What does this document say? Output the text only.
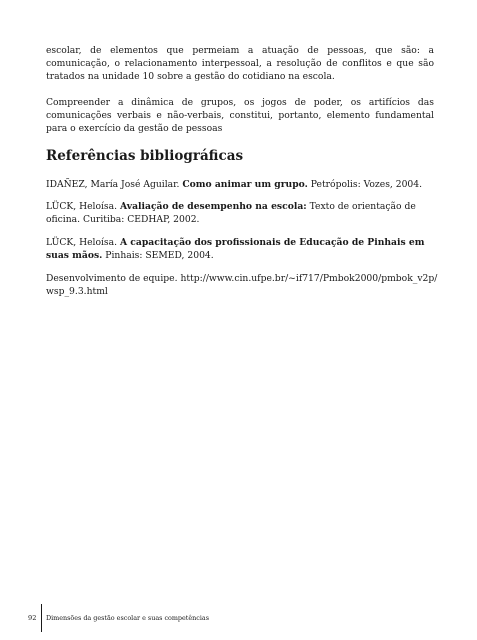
escolar, de elementos que permeiam a atuação de pessoas, que são: a comunicação, o relacionamento interpessoal, a resolução de conflitos e que são tratados na unidade 10 sobre a gestão do cotidiano na escola.

Compreender a dinâmica de grupos, os jogos de poder, os artifícios das comunicações verbais e não-verbais, constitui, portanto, elemento fundamental para o exercício da gestão de pessoas

Referências bibliográficas

IDAÑEZ, María José Aguilar. Como animar um grupo. Petrópolis: Vozes, 2004.

LÜCK, Heloísa. Avaliação de desempenho na escola: Texto de orientação de oficina. Curitiba: CEDHAP, 2002.

LÜCK, Heloísa. A capacitação dos profissionais de Educação de Pinhais em suas mãos. Pinhais: SEMED, 2004.

Desenvolvimento de equipe. http://www.cin.ufpe.br/~if717/Pmbok2000/pmbok_v2p/ wsp_9.3.html

92 Dimensões da gestão escolar e suas competências
